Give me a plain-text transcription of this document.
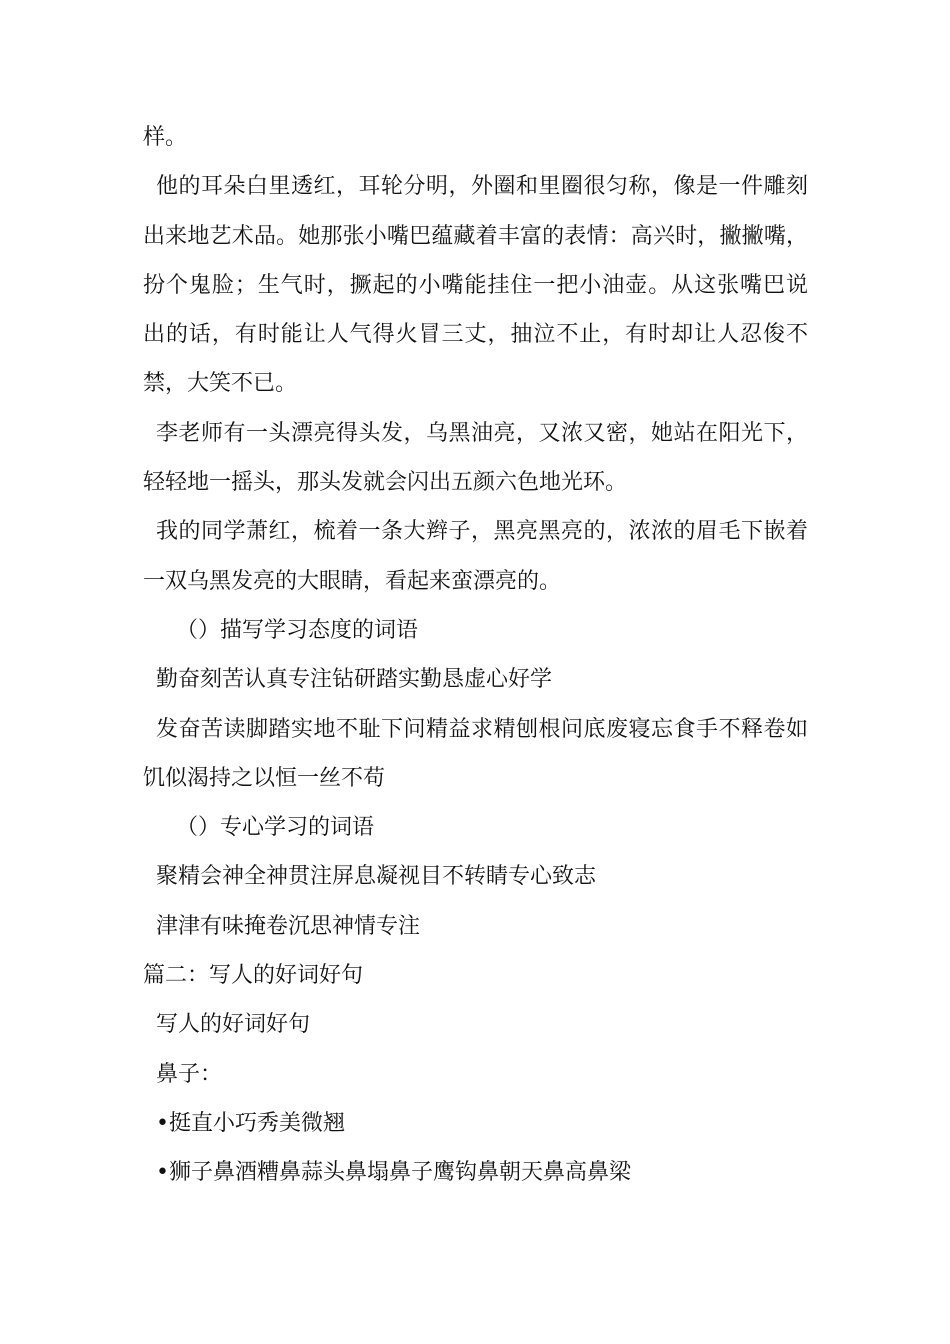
样。
他的耳朵白里透红，耳轮分明，外圈和里圈很匀称，像是一件雕刻
出来地艺术品。她那张小嘴巴蕴藏着丰富的表情：高兴时，撇撇嘴，
扮个鬼脸；生气时，撅起的小嘴能挂住一把小油壶。从这张嘴巴说
出的话，有时能让人气得火冒三丈，抽泣不止，有时却让人忍俊不
禁，大笑不已。
李老师有一头漂亮得头发，乌黑油亮，又浓又密，她站在阳光下，
轻轻地一摇头，那头发就会闪出五颜六色地光环。
我的同学萧红，梳着一条大辫子，黑亮黑亮的，浓浓的眉毛下嵌着
一双乌黑发亮的大眼睛，看起来蛮漂亮的。
（）描写学习态度的词语
勤奋刻苦认真专注钻研踏实勤恳虚心好学
发奋苦读脚踏实地不耻下问精益求精刨根问底废寝忘食手不释卷如
饥似渴持之以恒一丝不苟
（）专心学习的词语
聚精会神全神贯注屏息凝视目不转睛专心致志
津津有味掩卷沉思神情专注
篇二：写人的好词好句
写人的好词好句
鼻子：
•挺直小巧秀美微翘
•狮子鼻酒糟鼻蒜头鼻塌鼻子鹰钩鼻朝天鼻高鼻梁
